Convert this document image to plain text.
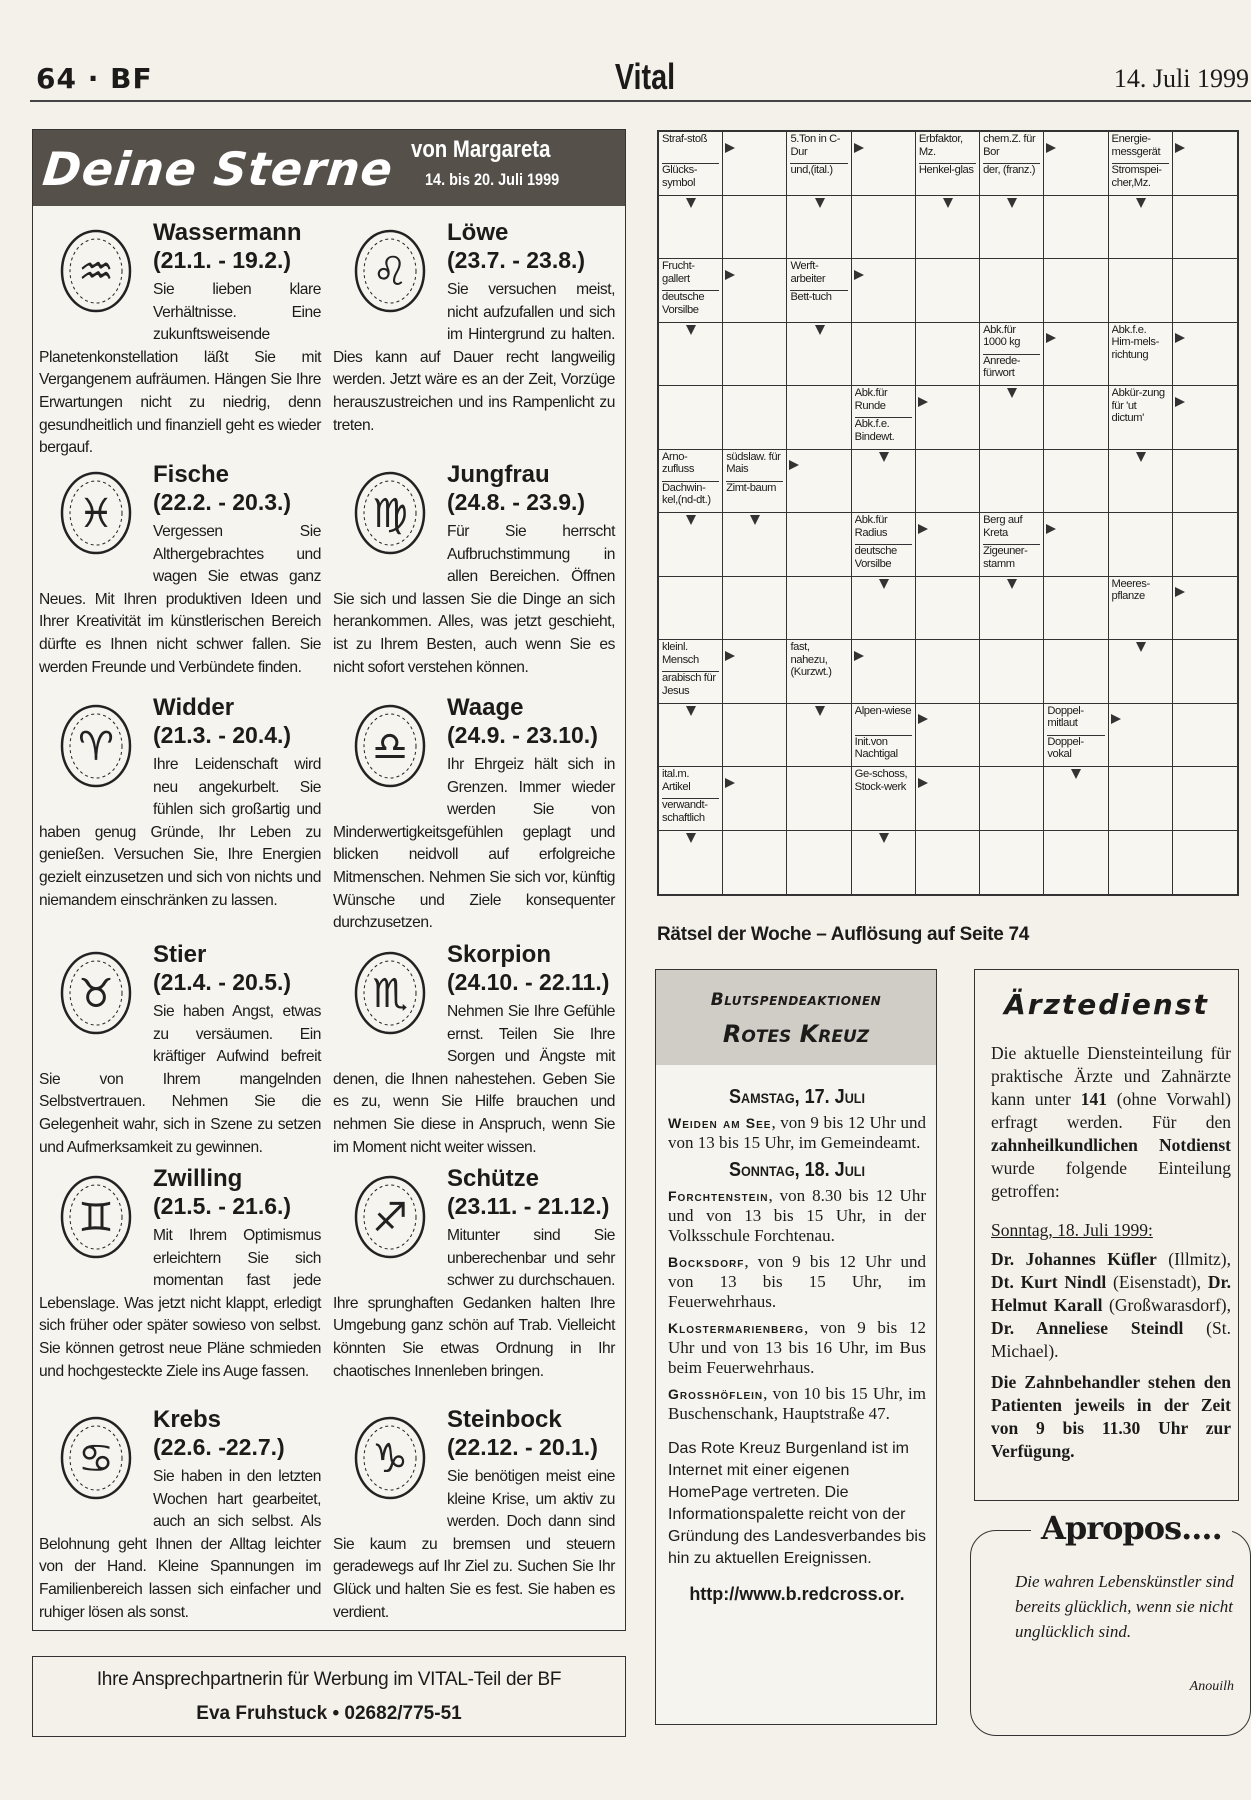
64 · BF	Vital	14. Juli 1999
Deine Sterne von Margareta
14. bis 20. Juli 1999
♒
Wassermann
(21.1. - 19.2.)
Sie lieben klare Verhältnisse. Eine zukunftsweisende Planetenkonstellation läßt Sie mit Vergangenem aufräumen. Hängen Sie Ihre Erwartungen nicht zu niedrig, denn gesundheitlich und finanziell geht es wieder bergauf.
♓
Fische
(22.2. - 20.3.)
Vergessen Sie Althergebrachtes und wagen Sie etwas ganz Neues. Mit Ihren produktiven Ideen und Ihrer Kreativität im künstlerischen Bereich dürfte es Ihnen nicht schwer fallen. Sie werden Freunde und Verbündete finden.
♈
Widder
(21.3. - 20.4.)
Ihre Leidenschaft wird neu angekurbelt. Sie fühlen sich großartig und haben genug Gründe, Ihr Leben zu genießen. Versuchen Sie, Ihre Energien gezielt einzusetzen und sich von nichts und niemandem einschränken zu lassen.
♉
Stier
(21.4. - 20.5.)
Sie haben Angst, etwas zu versäumen. Ein kräftiger Aufwind befreit Sie von Ihrem mangelnden Selbstvertrauen. Nehmen Sie die Gelegenheit wahr, sich in Szene zu setzen und Aufmerksamkeit zu gewinnen.
♊
Zwilling
(21.5. - 21.6.)
Mit Ihrem Optimismus erleichtern Sie sich momentan fast jede Lebenslage. Was jetzt nicht klappt, erledigt sich früher oder später sowieso von selbst. Sie können getrost neue Pläne schmieden und hochgesteckte Ziele ins Auge fassen.
♋
Krebs
(22.6. -22.7.)
Sie haben in den letzten Wochen hart gearbeitet, auch an sich selbst. Als Belohnung geht Ihnen der Alltag leichter von der Hand. Kleine Spannungen im Familienbereich lassen sich einfacher und ruhiger lösen als sonst.
♌
Löwe
(23.7. - 23.8.)
Sie versuchen meist, nicht aufzufallen und sich im Hintergrund zu halten. Dies kann auf Dauer recht langweilig werden. Jetzt wäre es an der Zeit, Vorzüge herauszustreichen und ins Rampenlicht zu treten.
♍
Jungfrau
(24.8. - 23.9.)
Für Sie herrscht Aufbruchstimmung in allen Bereichen. Öffnen Sie sich und lassen Sie die Dinge an sich herankommen. Alles, was jetzt geschieht, ist zu Ihrem Besten, auch wenn Sie es nicht sofort verstehen können.
♎
Waage
(24.9. - 23.10.)
Ihr Ehrgeiz hält sich in Grenzen. Immer wieder werden Sie von Minderwertigkeitsgefühlen geplagt und blicken neidvoll auf erfolgreiche Mitmenschen. Nehmen Sie sich vor, künftig Wünsche und Ziele konsequenter durchzusetzen.
♏
Skorpion
(24.10. - 22.11.)
Nehmen Sie Ihre Gefühle ernst. Teilen Sie Ihre Sorgen und Ängste mit denen, die Ihnen nahestehen. Geben Sie es zu, wenn Sie Hilfe brauchen und nehmen Sie diese in Anspruch, wenn Sie im Moment nicht weiter wissen.
♐
Schütze
(23.11. - 21.12.)
Mitunter sind Sie unberechenbar und sehr schwer zu durchschauen. Ihre sprunghaften Gedanken halten Ihre Umgebung ganz schön auf Trab. Vielleicht könnten Sie etwas Ordnung in Ihr chaotisches Innenleben bringen.
♑
Steinbock
(22.12. - 20.1.)
Sie benötigen meist eine kleine Krise, um aktiv zu werden. Doch dann sind Sie kaum zu bremsen und steuern geradewegs auf Ihr Ziel zu. Suchen Sie Ihr Glück und halten Sie es fest. Sie haben es verdient.
Ihre Ansprechpartnerin für Werbung im VITAL-Teil der BF
Eva Fruhstuck • 02682/775-51
Straf-stoß
Glücks-symbol
5.Ton in C-Dur
und,(ital.)
Erbfaktor, Mz.
Henkel-glas
chem.Z. für Bor
der, (franz.)
Energie-messgerät
Stromspei-cher,Mz.
Frucht-gallert
deutsche Vorsilbe
Werft-arbeiter
Bett-tuch
Abk.für 1000 kg
Anrede-fürwort
Abk.f.e. Him-mels-richtung
Abk.für Runde
Abk.f.e. Bindewt.
Abkür-zung für 'ut dictum'
Arno-zufluss
Dachwin-kel,(nd-dt.)
südslaw. für Mais
Zimt-baum
Abk.für Radius
deutsche Vorsilbe
Berg auf Kreta
Zigeuner-stamm
Meeres-pflanze
kleinl. Mensch
arabisch für Jesus
fast, nahezu, (Kurzwt.)
Alpen-wiese
Init.von Nachtigal
Doppel-mitlaut
Doppel-vokal
ital.m. Artikel
verwandt-schaftlich
Ge-schoss, Stock-werk
Rätsel der Woche – Auflösung auf Seite 74
Blutspendeaktionen
Rotes Kreuz
Samstag, 17. Juli
Weiden am See, von 9 bis 12 Uhr und von 13 bis 15 Uhr, im Gemeindeamt.
Sonntag, 18. Juli
Forchtenstein, von 8.30 bis 12 Uhr und von 13 bis 15 Uhr, in der Volksschule Forchtenau.
Bocksdorf, von 9 bis 12 Uhr und von 13 bis 15 Uhr, im Feuerwehrhaus.
Klostermarienberg, von 9 bis 12 Uhr und von 13 bis 16 Uhr, im Bus beim Feuerwehrhaus.
Grosshöflein, von 10 bis 15 Uhr, im Buschenschank, Hauptstraße 47.
Das Rote Kreuz Burgenland ist im Internet mit einer eigenen HomePage vertreten. Die Informationspalette reicht von der Gründung des Landesverbandes bis hin zu aktuellen Ereignissen.
http://www.b.redcross.or.
Ärztedienst
Die aktuelle Diensteinteilung für praktische Ärzte und Zahnärzte kann unter 141 (ohne Vorwahl) erfragt werden. Für den zahnheilkundlichen Notdienst wurde folgende Einteilung getroffen:
Sonntag, 18. Juli 1999:
Dr. Johannes Küfler (Illmitz), Dt. Kurt Nindl (Eisenstadt), Dr. Helmut Karall (Großwarasdorf), Dr. Anneliese Steindl (St. Michael).
Die Zahnbehandler stehen den Patienten jeweils in der Zeit von 9 bis 11.30 Uhr zur Verfügung.
Apropos....
Die wahren Lebenskünstler sind bereits glücklich, wenn sie nicht unglücklich sind.
Anouilh
